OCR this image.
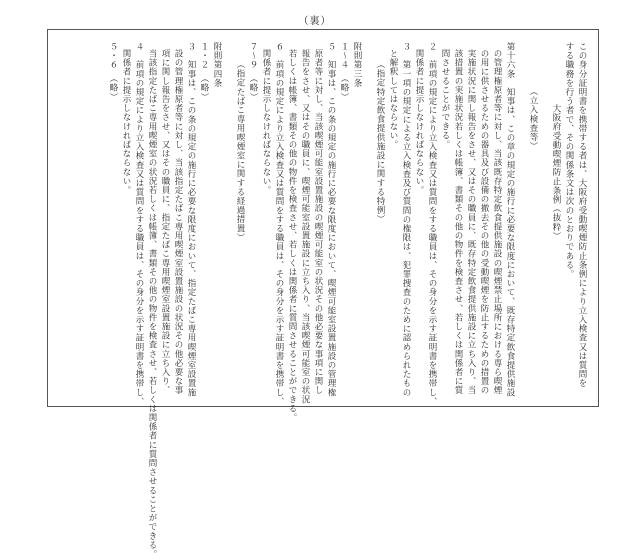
（裏）
この身分証明書を携帯する者は、大阪府受動喫煙防止条例により立入検査又は質問を
する職務を行う者で、その関係条文は次のとおりである。
大阪府受動喫煙防止条例（抜粋）
（立入検査等）
第十六条　知事は、この章の規定の施行に必要な限度において、既存特定飲食提供施設
の管理権原者等に対し、当該既存特定飲食提供施設の喫煙禁止場所における専ら喫煙
の用に供させるための器具及び設備の撤去その他の受動喫煙を防止するための措置の
実施状況に関し報告をさせ、又はその職員に、既存特定飲食提供施設に立ち入り、当
該措置の実施状況若しくは帳簿、書類その他の物件を検査させ、若しくは関係者に質
問させることができる。
２　前項の規定により立入検査又は質問をする職員は、その身分を示す証明書を携帯し、
関係者に提示しなければならない。
３　第一項の規定による立入検査及び質問の権限は、犯罪捜査のために認められたもの
と解釈してはならない。
（指定特定飲食提供施設に関する特例）
附則第三条
１～４　（略）
５　知事は、この条の規定の施行に必要な限度において、喫煙可能室設置施設の管理権
原者等に対し、当該喫煙可能室設置施設の喫煙可能室の状況その他必要な事項に関し
報告をさせ、又はその職員に、喫煙可能室設置施設に立ち入り、当該喫煙可能室の状況
若しくは帳簿、書類その他の物件を検査させ、若しくは関係者に質問させることができる。
６　前項の規定により立入検査又は質問をする職員は、その身分を示す証明書を携帯し、
関係者に提示しなければならない。
７～９　（略）
（指定たばこ専用喫煙室に関する経過措置）
附則第四条
１・２　（略）
３　知事は、この条の規定の施行に必要な限度において、指定たばこ専用喫煙室設置施
設の管理権原者等に対し、当該指定たばこ専用喫煙室設置施設の状況その他必要な事
項に関し報告をさせ、又はその職員に、指定たばこ専用喫煙室設置施設に立ち入り、
当該指定たばこ専用喫煙室の状況若しくは帳簿、書類その他の物件を検査させ、若しくは関係者に質問させることができる。
４　前項の規定により立入検査又は質問をする職員は、その身分を示す証明書を携帯し、
関係者に提示しなければならない。
５・６　（略）
